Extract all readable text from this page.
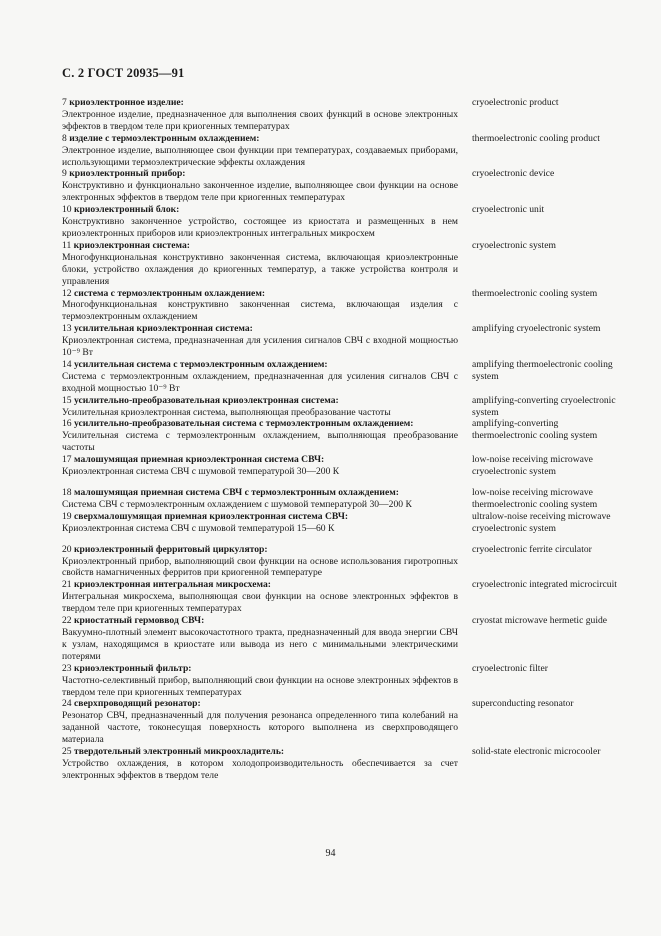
С. 2 ГОСТ 20935—91
7 криоэлектронное изделие:
Электронное изделие, предназначенное для выполнения своих функций в основе электронных эффектов в твердом теле при криогенных температурах
cryoelectronic product
8 изделие с термоэлектронным охлаждением:
Электронное изделие, выполняющее свои функции при температурах, создаваемых приборами, использующими термоэлектрические эффекты охлаждения
thermoelectronic cooling product
9 криоэлектронный прибор:
Конструктивно и функционально законченное изделие, выполняющее свои функции на основе электронных эффектов в твердом теле при криогенных температурах
cryoelectronic device
10 криоэлектронный блок:
Конструктивно законченное устройство, состоящее из криостата и размещенных в нем криоэлектронных приборов или криоэлектронных интегральных микросхем
cryoelectronic unit
11 криоэлектронная система:
Многофункциональная конструктивно законченная система, включающая криоэлектронные блоки, устройство охлаждения до криогенных температур, а также устройства контроля и управления
cryoelectronic system
12 система с термоэлектронным охлаждением:
Многофункциональная конструктивно законченная система, включающая изделия с термоэлектронным охлаждением
thermoelectronic cooling system
13 усилительная криоэлектронная система:
Криоэлектронная система, предназначенная для усиления сигналов СВЧ с входной мощностью 10⁻⁹ Вт
amplifying cryoelectronic system
14 усилительная система с термоэлектронным охлаждением:
Система с термоэлектронным охлаждением, предназначенная для усиления сигналов СВЧ с входной мощностью 10⁻⁹ Вт
amplifying thermoelectronic cooling system
15 усилительно-преобразовательная криоэлектронная система:
Усилительная криоэлектронная система, выполняющая преобразование частоты
amplifying-converting cryoelectronic system
16 усилительно-преобразовательная система с термоэлектронным охлаждением:
Усилительная система с термоэлектронным охлаждением, выполняющая преобразование частоты
amplifying-converting thermoelectronic cooling system
17 малошумящая приемная криоэлектронная система СВЧ:
Криоэлектронная система СВЧ с шумовой температурой 30—200 К
low-noise receiving microwave cryoelectronic system
18 малошумящая приемная система СВЧ с термоэлектронным охлаждением:
Система СВЧ с термоэлектронным охлаждением с шумовой температурой 30—200 К
low-noise receiving microwave thermoelectronic cooling system
19 сверхмалошумящая приемная криоэлектронная система СВЧ:
Криоэлектронная система СВЧ с шумовой температурой 15—60 К
ultralow-noise receiving microwave cryoelectronic system
20 криоэлектронный ферритовый циркулятор:
Криоэлектронный прибор, выполняющий свои функции на основе использования гиротропных свойств намагниченных ферритов при криогенной температуре
cryoelectronic ferrite circulator
21 криоэлектронная интегральная микросхема:
Интегральная микросхема, выполняющая свои функции на основе электронных эффектов в твердом теле при криогенных температурах
cryoelectronic integrated microcircuit
22 криостатный гермоввод СВЧ:
Вакуумно-плотный элемент высокочастотного тракта, предназначенный для ввода энергии СВЧ к узлам, находящимся в криостате или вывода из него с минимальными электрическими потерями
cryostat microwave hermetic guide
23 криоэлектронный фильтр:
Частотно-селективный прибор, выполняющий свои функции на основе электронных эффектов в твердом теле при криогенных температурах
cryoelectronic filter
24 сверхпроводящий резонатор:
Резонатор СВЧ, предназначенный для получения резонанса определенного типа колебаний на заданной частоте, токонесущая поверхность которого выполнена из сверхпроводящего материала
superconducting resonator
25 твердотельный электронный микроохладитель:
Устройство охлаждения, в котором холодопроизводительность обеспечивается за счет электронных эффектов в твердом теле
solid-state electronic microcooler
94
